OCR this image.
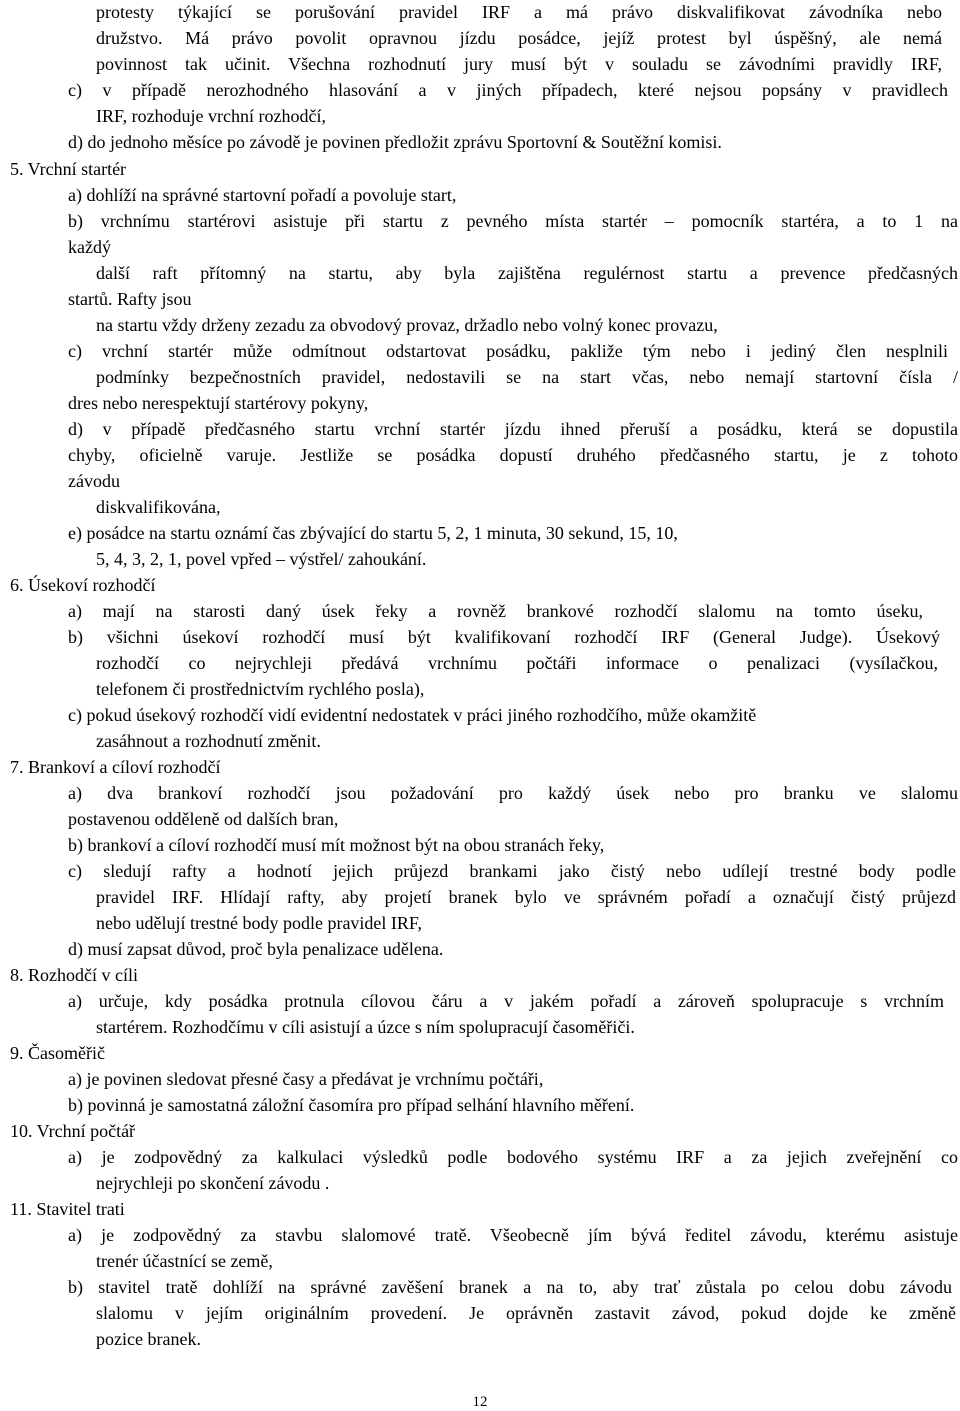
protesty týkající se porušování pravidel IRF a má právo diskvalifikovat závodníka nebo
družstvo. Má právo povolit opravnou jízdu posádce, jejíž protest byl úspěšný, ale nemá
povinnost tak učinit. Všechna rozhodnutí jury musí být v souladu se závodními pravidly IRF,
c) v případě nerozhodného hlasování a v jiných případech, které nejsou popsány v pravidlech
IRF, rozhoduje vrchní rozhodčí,
d) do jednoho měsíce po závodě je povinen předložit zprávu Sportovní & Soutěžní komisi.
5. Vrchní startér
a) dohlíží na správné startovní pořadí a povoluje start,
b) vrchnímu startérovi asistuje při startu z pevného místa startér – pomocník startéra, a to 1 na
každý
další raft přítomný na startu, aby byla zajištěna regulérnost startu a prevence předčasných
startů. Rafty jsou
na startu vždy drženy zezadu za obvodový provaz, držadlo nebo volný konec provazu,
c) vrchní startér může odmítnout odstartovat posádku, pakliže tým nebo i jediný člen nesplnili
podmínky bezpečnostních pravidel, nedostavili se na start včas, nebo nemají startovní čísla /
dres nebo nerespektují startérovy pokyny,
d) v případě předčasného startu vrchní startér jízdu ihned přeruší a posádku, která se dopustila
chyby, oficielně varuje. Jestliže se posádka dopustí druhého předčasného startu, je z tohoto
závodu
diskvalifikována,
e) posádce na startu oznámí čas zbývající do startu 5, 2, 1 minuta, 30 sekund, 15, 10,
5, 4, 3, 2, 1, povel vpřed – výstřel/ zahoukání.
6. Úsekoví rozhodčí
a) mají na starosti daný úsek řeky a rovněž brankové rozhodčí slalomu na tomto úseku,
b) všichni úsekoví rozhodčí musí být kvalifikovaní rozhodčí IRF (General Judge). Úsekový
rozhodčí co nejrychleji předává vrchnímu počtáři informace o penalizaci (vysílačkou,
telefonem či prostřednictvím rychlého posla),
c) pokud úsekový rozhodčí vidí evidentní nedostatek v práci jiného rozhodčího, může okamžitě
zasáhnout a rozhodnutí změnit.
7. Brankoví a cíloví rozhodčí
a) dva brankoví rozhodčí jsou požadování pro každý úsek nebo pro branku ve slalomu
postavenou odděleně od dalších bran,
b) brankoví a cíloví rozhodčí musí mít možnost být na obou stranách řeky,
c) sledují rafty a hodnotí jejich průjezd brankami jako čistý nebo udílejí trestné body podle
pravidel IRF. Hlídají rafty, aby projetí branek bylo ve správném pořadí a označují čistý průjezd
nebo udělují trestné body podle pravidel IRF,
d) musí zapsat důvod, proč byla penalizace udělena.
8. Rozhodčí v cíli
a) určuje, kdy posádka protnula cílovou čáru a v jakém pořadí a zároveň spolupracuje s vrchním
startérem. Rozhodčímu v cíli asistují a úzce s ním spolupracují časoměřiči.
9. Časoměřič
a) je povinen sledovat přesné časy a předávat je vrchnímu počtáři,
b) povinná je samostatná záložní časomíra pro případ selhání hlavního měření.
10. Vrchní počtář
a) je zodpovědný za kalkulaci výsledků podle bodového systému IRF a za jejich zveřejnění co
nejrychleji po skončení závodu .
11. Stavitel trati
a) je zodpovědný za stavbu slalomové tratě. Všeobecně jím bývá ředitel závodu, kterému asistuje
trenér účastnící se země,
b) stavitel tratě dohlíží na správné zavěšení branek a na to, aby trať zůstala po celou dobu závodu
slalomu v jejím originálním provedení. Je oprávněn zastavit závod, pokud dojde ke změně
pozice branek.
12
